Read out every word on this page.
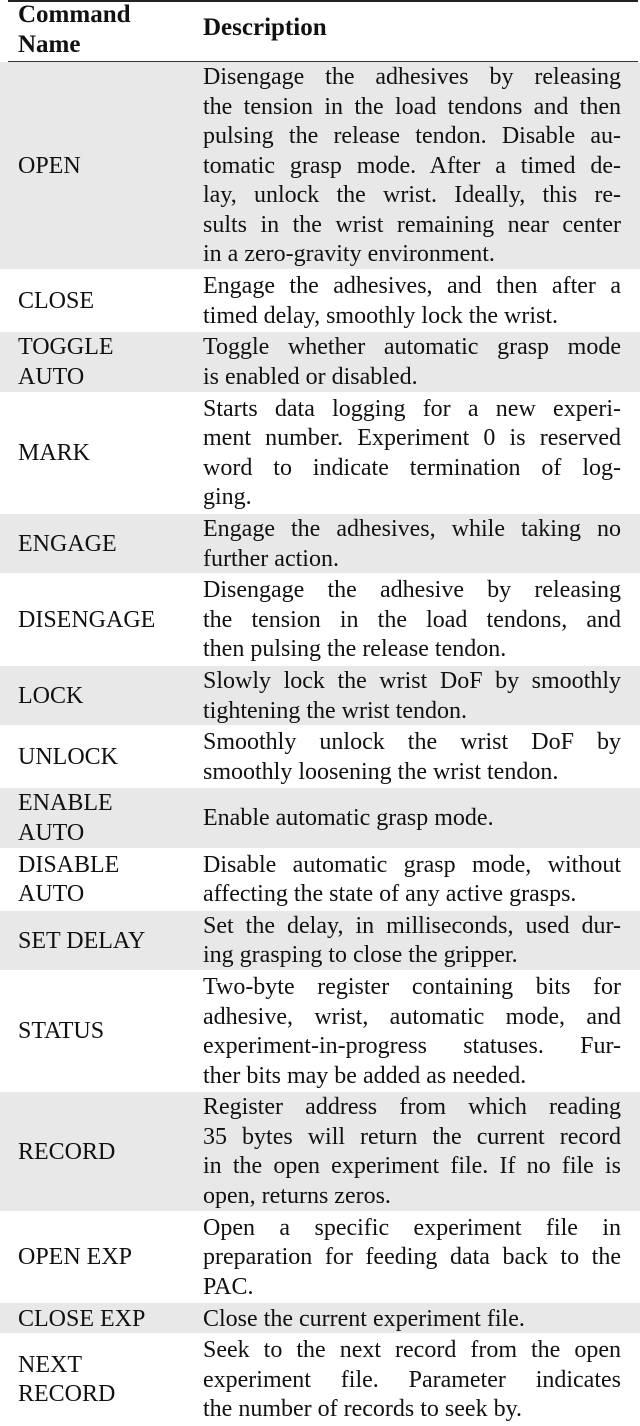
Command
Name
Description
OPEN
Disengage the adhesives by releasing
the tension in the load tendons and then
pulsing the release tendon. Disable au-
tomatic grasp mode. After a timed de-
lay, unlock the wrist. Ideally, this re-
sults in the wrist remaining near center
in a zero-gravity environment.
CLOSE
Engage the adhesives, and then after a
timed delay, smoothly lock the wrist.
TOGGLE
AUTO
Toggle whether automatic grasp mode
is enabled or disabled.
MARK
Starts data logging for a new experi-
ment number. Experiment 0 is reserved
word to indicate termination of log-
ging.
ENGAGE
Engage the adhesives, while taking no
further action.
DISENGAGE
Disengage the adhesive by releasing
the tension in the load tendons, and
then pulsing the release tendon.
LOCK
Slowly lock the wrist DoF by smoothly
tightening the wrist tendon.
UNLOCK
Smoothly unlock the wrist DoF by
smoothly loosening the wrist tendon.
ENABLE
AUTO
Enable automatic grasp mode.
DISABLE
AUTO
Disable automatic grasp mode, without
affecting the state of any active grasps.
SET DELAY
Set the delay, in milliseconds, used dur-
ing grasping to close the gripper.
STATUS
Two-byte register containing bits for
adhesive, wrist, automatic mode, and
experiment-in-progress statuses. Fur-
ther bits may be added as needed.
RECORD
Register address from which reading
35 bytes will return the current record
in the open experiment file. If no file is
open, returns zeros.
OPEN EXP
Open a specific experiment file in
preparation for feeding data back to the
PAC.
CLOSE EXP	Close the current experiment file.
NEXT
RECORD
Seek to the next record from the open
experiment file. Parameter indicates
the number of records to seek by.
